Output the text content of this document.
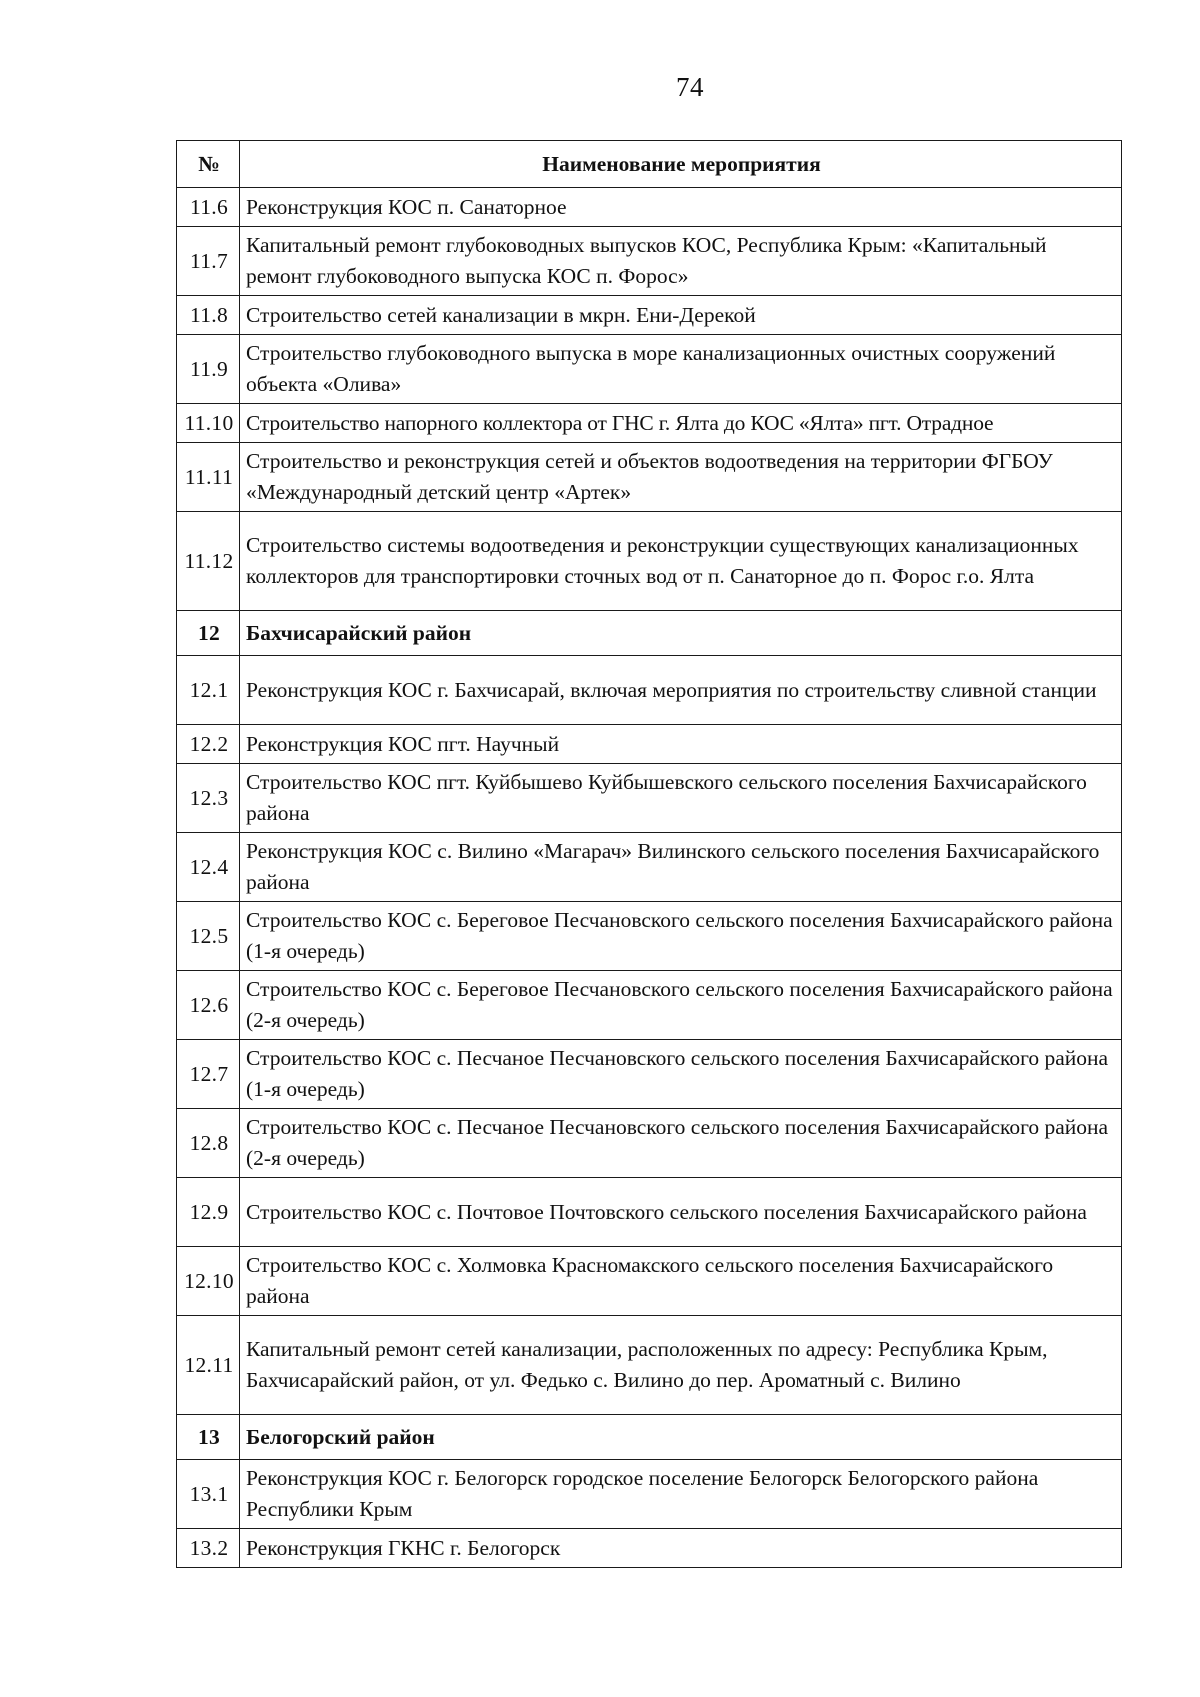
74
№	Наименование мероприятия
11.6	Реконструкция КОС п. Санаторное
11.7	Капитальный ремонт глубоководных выпусков КОС, Республика Крым: «Капитальный ремонт глубоководного выпуска КОС п. Форос»
11.8	Строительство сетей канализации в мкрн. Ени-Дерекой
11.9	Строительство глубоководного выпуска в море канализационных очистных сооружений объекта «Олива»
11.10	Строительство напорного коллектора от ГНС г. Ялта до КОС «Ялта» пгт. Отрадное
11.11	Строительство и реконструкция сетей и объектов водоотведения на территории ФГБОУ «Международный детский центр «Артек»
11.12	Строительство системы водоотведения и реконструкции существующих канализационных коллекторов для транспортировки сточных вод от п. Санаторное до п. Форос г.о. Ялта
12	Бахчисарайский район
12.1	Реконструкция КОС г. Бахчисарай, включая мероприятия по строительству сливной станции
12.2	Реконструкция КОС пгт. Научный
12.3	Строительство КОС пгт. Куйбышево Куйбышевского сельского поселения Бахчисарайского района
12.4	Реконструкция КОС с. Вилино «Магарач» Вилинского сельского поселения Бахчисарайского района
12.5	Строительство КОС с. Береговое Песчановского сельского поселения Бахчисарайского района (1-я очередь)
12.6	Строительство КОС с. Береговое Песчановского сельского поселения Бахчисарайского района (2-я очередь)
12.7	Строительство КОС с. Песчаное Песчановского сельского поселения Бахчисарайского района (1-я очередь)
12.8	Строительство КОС с. Песчаное Песчановского сельского поселения Бахчисарайского района (2-я очередь)
12.9	Строительство КОС с. Почтовое Почтовского сельского поселения Бахчисарайского района
12.10	Строительство КОС с. Холмовка Красномакского сельского поселения Бахчисарайского района
12.11	Капитальный ремонт сетей канализации, расположенных по адресу: Республика Крым, Бахчисарайский район, от ул. Федько с. Вилино до пер. Ароматный с. Вилино
13	Белогорский район
13.1	Реконструкция КОС г. Белогорск городское поселение Белогорск Белогорского района Республики Крым
13.2	Реконструкция ГКНС г. Белогорск
